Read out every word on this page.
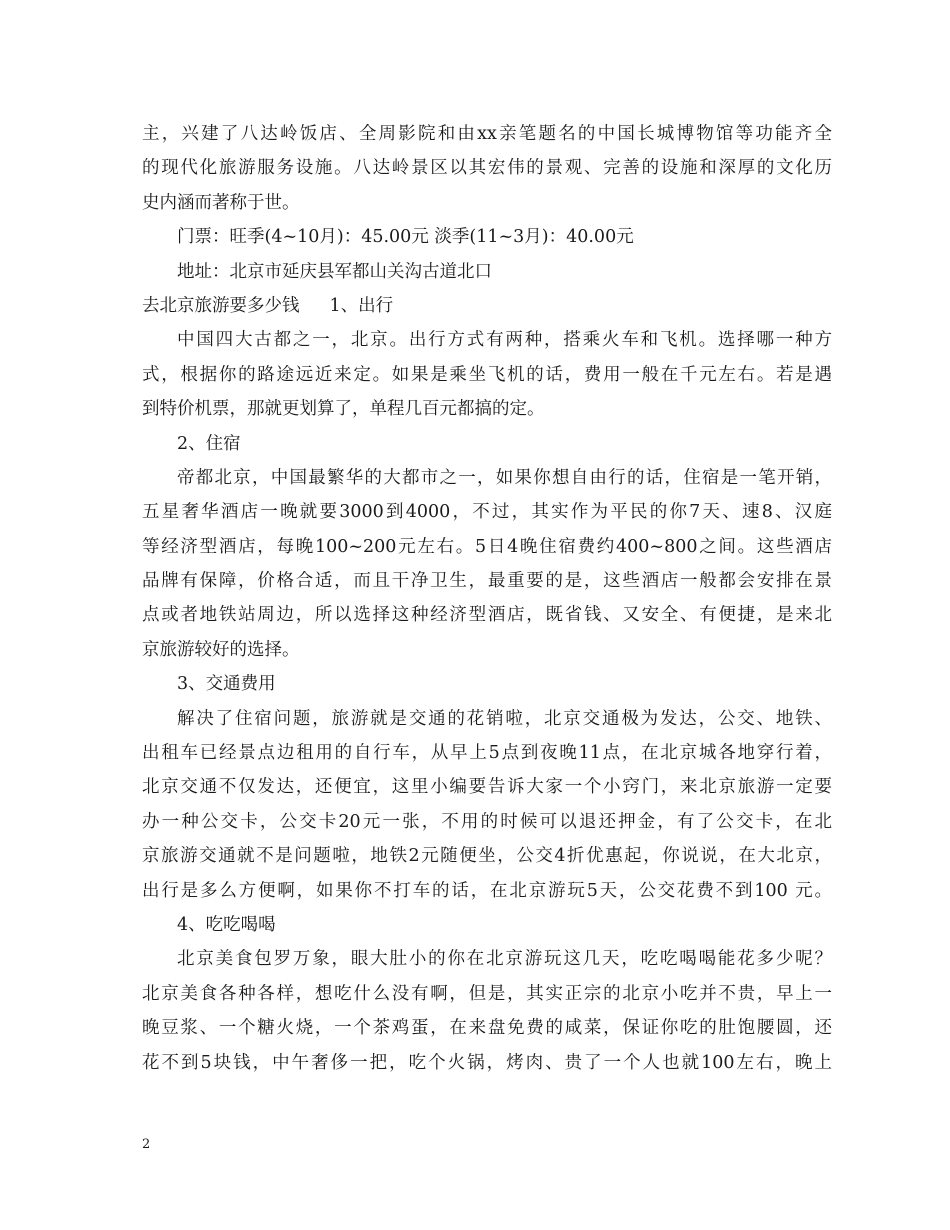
主，兴建了八达岭饭店、全周影院和由xx亲笔题名的中国长城博物馆等功能齐全
的现代化旅游服务设施。八达岭景区以其宏伟的景观、完善的设施和深厚的文化历
史内涵而著称于世。
门票：旺季(4~10月)：45.00元 淡季(11~3月)：40.00元
地址：北京市延庆县军都山关沟古道北口
去北京旅游要多少钱 1、出行
中国四大古都之一，北京。出行方式有两种，搭乘火车和飞机。选择哪一种方
式，根据你的路途远近来定。如果是乘坐飞机的话，费用一般在千元左右。若是遇
到特价机票，那就更划算了，单程几百元都搞的定。
2、住宿
帝都北京，中国最繁华的大都市之一，如果你想自由行的话，住宿是一笔开销，
五星奢华酒店一晚就要3000到4000，不过，其实作为平民的你7天、速8、汉庭
等经济型酒店，每晚100~200元左右。5日4晚住宿费约400~800之间。这些酒店
品牌有保障，价格合适，而且干净卫生，最重要的是，这些酒店一般都会安排在景
点或者地铁站周边，所以选择这种经济型酒店，既省钱、又安全、有便捷，是来北
京旅游较好的选择。
3、交通费用
解决了住宿问题，旅游就是交通的花销啦，北京交通极为发达，公交、地铁、
出租车已经景点边租用的自行车，从早上5点到夜晚11点，在北京城各地穿行着，
北京交通不仅发达，还便宜，这里小编要告诉大家一个小窍门，来北京旅游一定要
办一种公交卡，公交卡20元一张，不用的时候可以退还押金，有了公交卡，在北
京旅游交通就不是问题啦，地铁2元随便坐，公交4折优惠起，你说说，在大北京，
出行是多么方便啊，如果你不打车的话，在北京游玩5天，公交花费不到100 元。
4、吃吃喝喝
北京美食包罗万象，眼大肚小的你在北京游玩这几天，吃吃喝喝能花多少呢？
北京美食各种各样，想吃什么没有啊，但是，其实正宗的北京小吃并不贵，早上一
晚豆浆、一个糖火烧，一个茶鸡蛋，在来盘免费的咸菜，保证你吃的肚饱腰圆，还
花不到5块钱，中午奢侈一把，吃个火锅，烤肉、贵了一个人也就100左右，晚上
2
